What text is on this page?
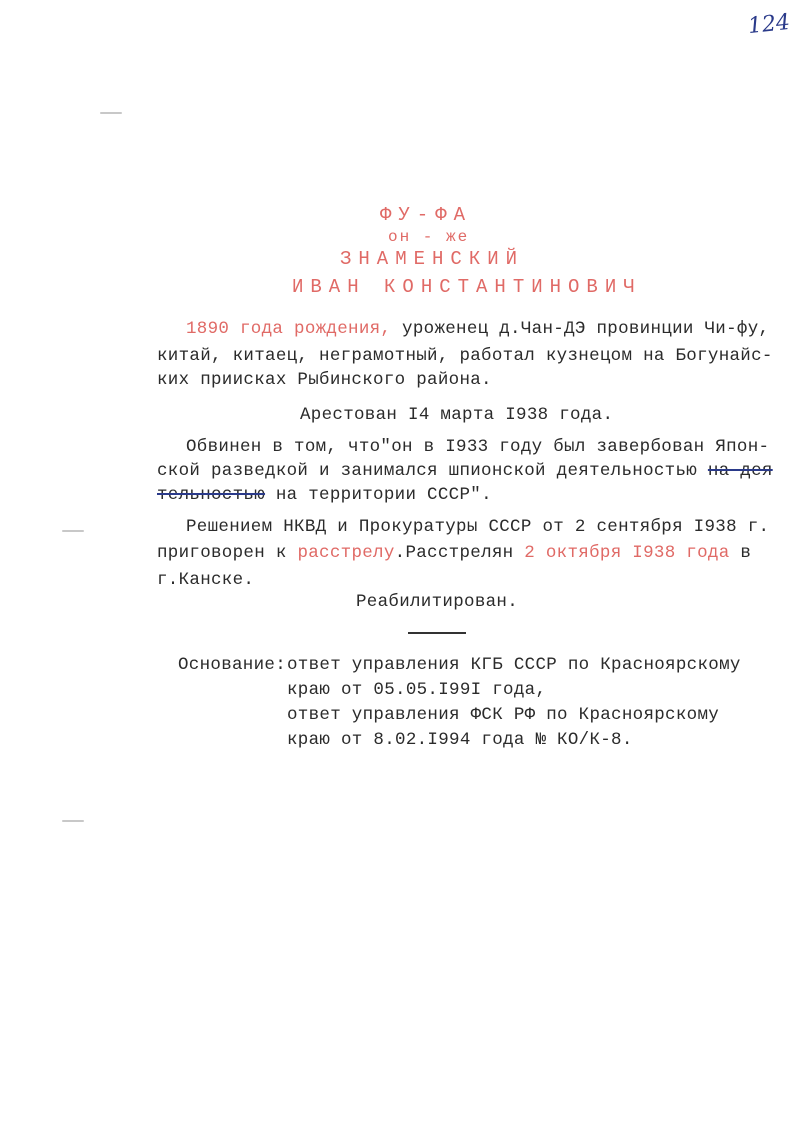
124
ФУ-ФА
он - же
ЗНАМЕНСКИЙ
ИВАН КОНСТАНТИНОВИЧ
1890 года рождения, уроженец д.Чан-ДЭ провинции Чи-фу,
китай, китаец, неграмотный, работал кузнецом на Богунайс-
ких приисках Рыбинского района.
Арестован I4 марта I938 года.
Обвинен в том, что"он в I933 году был завербован Япон-
ской разведкой и занимался шпионской деятельностью на дея
тельностью на территории СССР".
Решением НКВД и Прокуратуры СССР от 2 сентября I938 г.
приговорен к расстрелу.Расстрелян 2 октября I938 года в
г.Канске.
Реабилитирован.
Основание: ответ управления КГБ СССР по Красноярскому
краю от 05.05.I99I года,
ответ управления ФСК РФ по Красноярскому
краю от 8.02.I994 года № КО/К-8.
